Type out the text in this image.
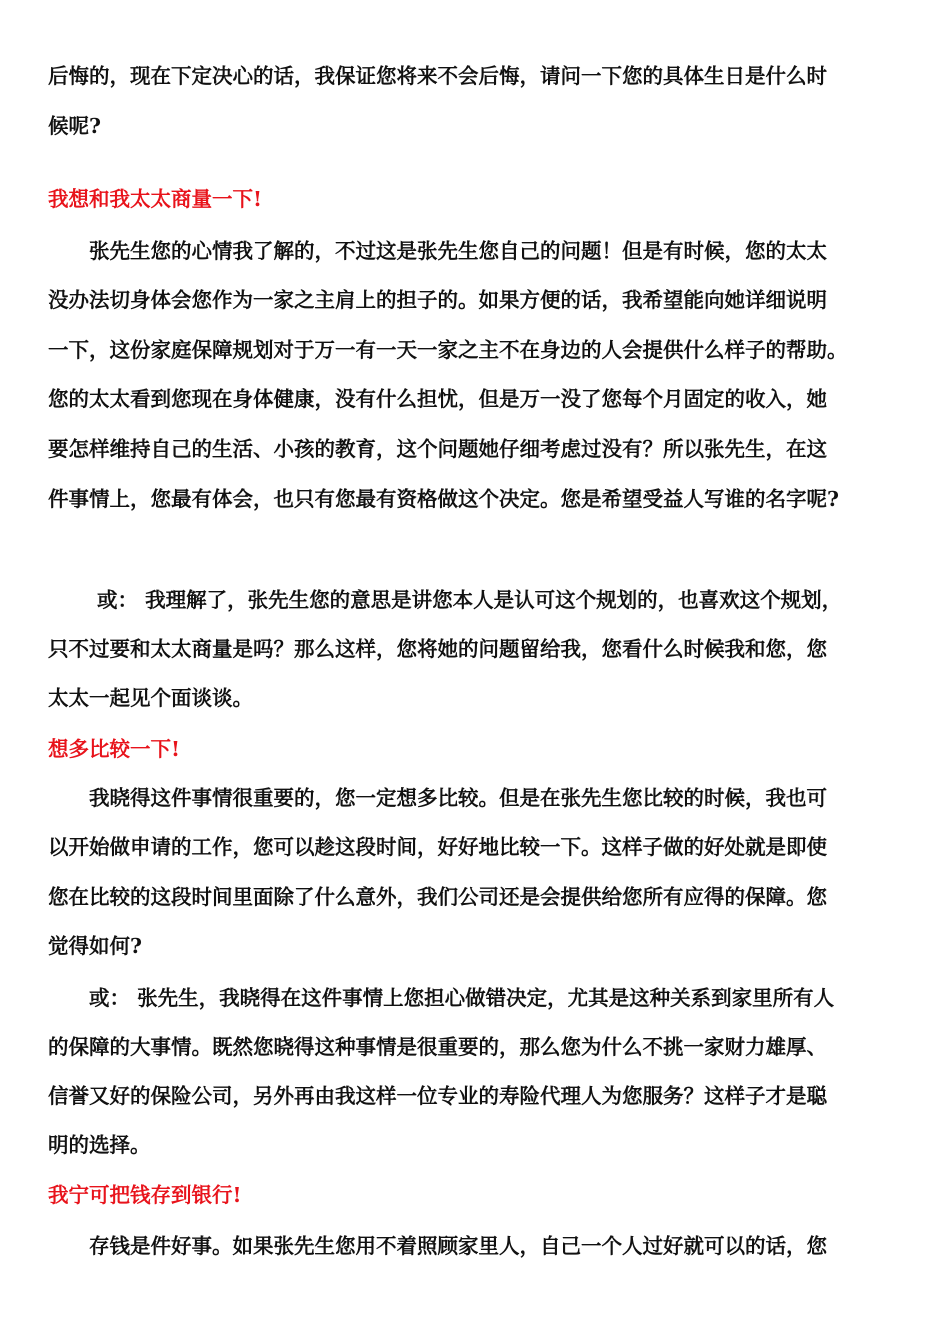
后悔的，现在下定决心的话，我保证您将来不会后悔，请问一下您的具体生日是什么时
候呢?
我想和我太太商量一下!
张先生您的心情我了解的，不过这是张先生您自己的问题！但是有时候，您的太太
没办法切身体会您作为一家之主肩上的担子的。如果方便的话，我希望能向她详细说明
一下，这份家庭保障规划对于万一有一天一家之主不在身边的人会提供什么样子的帮助。
您的太太看到您现在身体健康，没有什么担忧，但是万一没了您每个月固定的收入，她
要怎样维持自己的生活、小孩的教育，这个问题她仔细考虑过没有？所以张先生，在这
件事情上，您最有体会，也只有您最有资格做这个决定。您是希望受益人写谁的名字呢?
或： 我理解了，张先生您的意思是讲您本人是认可这个规划的，也喜欢这个规划，
只不过要和太太商量是吗？那么这样，您将她的问题留给我，您看什么时候我和您，您
太太一起见个面谈谈。
想多比较一下!
我晓得这件事情很重要的，您一定想多比较。但是在张先生您比较的时候，我也可
以开始做申请的工作，您可以趁这段时间，好好地比较一下。这样子做的好处就是即使
您在比较的这段时间里面除了什么意外，我们公司还是会提供给您所有应得的保障。您
觉得如何?
或： 张先生，我晓得在这件事情上您担心做错决定，尤其是这种关系到家里所有人
的保障的大事情。既然您晓得这种事情是很重要的，那么您为什么不挑一家财力雄厚、
信誉又好的保险公司，另外再由我这样一位专业的寿险代理人为您服务？这样子才是聪
明的选择。
我宁可把钱存到银行!
存钱是件好事。如果张先生您用不着照顾家里人，自己一个人过好就可以的话，您
